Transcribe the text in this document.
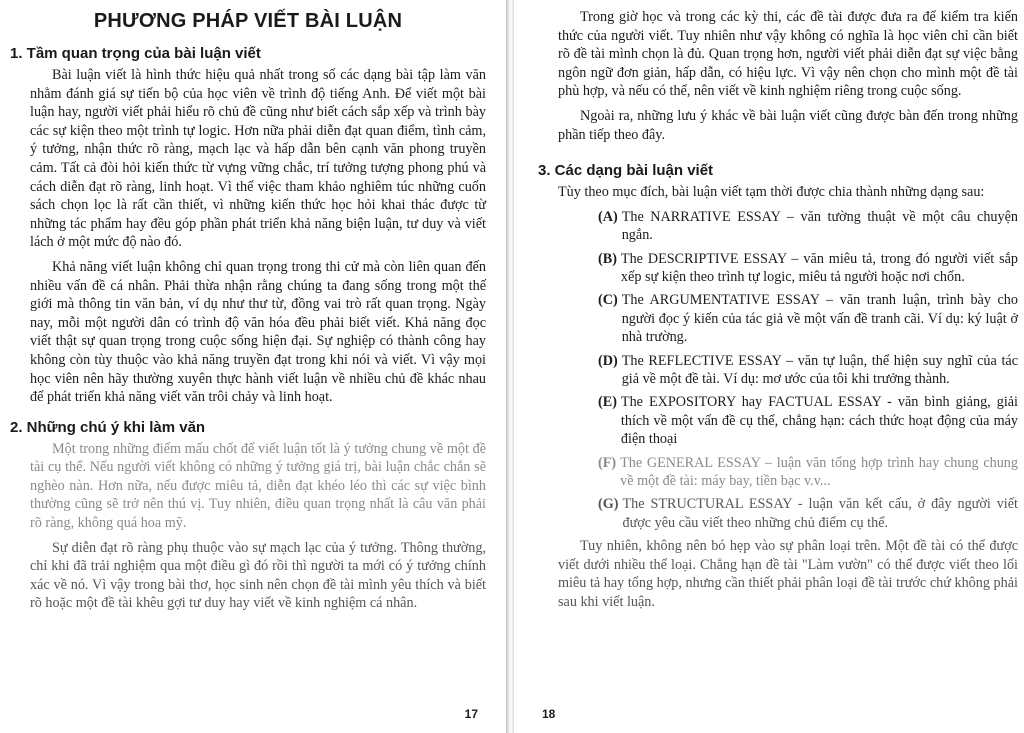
PHƯƠNG PHÁP VIẾT BÀI LUẬN
1. Tầm quan trọng của bài luận viết

Bài luận viết là hình thức hiệu quả nhất trong số các dạng bài tập làm văn nhằm đánh giá sự tiến bộ của học viên về trình độ tiếng Anh. Để viết một bài luận hay, người viết phải hiểu rõ chủ đề cũng như biết cách sắp xếp và trình bày các sự kiện theo một trình tự logic. Hơn nữa phải diễn đạt quan điểm, tình cảm, ý tưởng, nhận thức rõ ràng, mạch lạc và hấp dẫn bên cạnh văn phong truyền cảm. Tất cả đòi hỏi kiến thức từ vựng vững chắc, trí tưởng tượng phong phú và cách diễn đạt rõ ràng, linh hoạt. Vì thế việc tham khảo nghiêm túc những cuốn sách chọn lọc là rất cần thiết, vì những kiến thức học hỏi khai thác được từ những tác phẩm hay đều góp phần phát triển khả năng biện luận, tư duy và viết lách ở một mức độ nào đó.

Khả năng viết luận không chỉ quan trọng trong thi cử mà còn liên quan đến nhiều vấn đề cá nhân. Phải thừa nhận rằng chúng ta đang sống trong một thế giới mà thông tin văn bản, ví dụ như thư từ, đồng vai trò rất quan trọng. Ngày nay, mỗi một người dân có trình độ văn hóa đều phải biết viết. Khả năng đọc viết thật sự quan trọng trong cuộc sống hiện đại. Sự nghiệp có thành công hay không còn tùy thuộc vào khả năng truyền đạt trong khi nói và viết. Vì vậy mọi học viên nên hãy thường xuyên thực hành viết luận về nhiều chủ đề khác nhau để phát triển khả năng viết văn trôi chảy và linh hoạt.

2. Những chú ý khi làm văn

Một trong những điểm mấu chốt để viết luận tốt là ý tưởng chung về một đề tài cụ thể. Nếu người viết không có những ý tưởng giá trị, bài luận chắc chắn sẽ nghèo nàn. Hơn nữa, nếu được miêu tả, diễn đạt khéo léo thì các sự việc bình thường cũng sẽ trở nên thú vị. Tuy nhiên, điều quan trọng nhất là câu văn phải rõ ràng, không quá hoa mỹ.

Sự diễn đạt rõ ràng phụ thuộc vào sự mạch lạc của ý tưởng. Thông thường, chỉ khi đã trải nghiệm qua một điều gì đó rồi thì người ta mới có ý tưởng chính xác về nó. Vì vậy trong bài thơ, học sinh nên chọn đề tài mình yêu thích và biết rõ hoặc một đề tài khêu gợi tư duy hay viết về kinh nghiệm cá nhân.

17

Trong giờ học và trong các kỳ thi, các đề tài được đưa ra để kiểm tra kiến thức của người viết. Tuy nhiên như vậy không có nghĩa là học viên chỉ cần biết rõ đề tài mình chọn là đủ. Quan trọng hơn, người viết phải diễn đạt sự việc bằng ngôn ngữ đơn giản, hấp dẫn, có hiệu lực. Vì vậy nên chọn cho mình một đề tài phù hợp, và nếu có thể, nên viết về kinh nghiệm riêng trong cuộc sống.

Ngoài ra, những lưu ý khác về bài luận viết cũng được bàn đến trong những phần tiếp theo đây.

3. Các dạng bài luận viết

Tùy theo mục đích, bài luận viết tạm thời được chia thành những dạng sau:

(A) The NARRATIVE ESSAY – văn tường thuật về một câu chuyện ngắn.
(B) The DESCRIPTIVE ESSAY – văn miêu tả, trong đó người viết sắp xếp sự kiện theo trình tự logic, miêu tả người hoặc nơi chốn.
(C) The ARGUMENTATIVE ESSAY – văn tranh luận, trình bày cho người đọc ý kiến của tác giả về một vấn đề tranh cãi. Ví dụ: ký luật ở nhà trường.
(D) The REFLECTIVE ESSAY – văn tự luận, thể hiện suy nghĩ của tác giả về một đề tài. Ví dụ: mơ ước của tôi khi trưởng thành.
(E) The EXPOSITORY hay FACTUAL ESSAY - văn bình giảng, giải thích về một vấn đề cụ thể, chẳng hạn: cách thức hoạt động của máy điện thoại
(F) The GENERAL ESSAY – luận văn tổng hợp trình hay chung chung về một đề tài: máy bay, tiền bạc v.v...
(G) The STRUCTURAL ESSAY - luận văn kết cấu, ở đây người viết được yêu cầu viết theo những chủ điểm cụ thể.

Tuy nhiên, không nên bó hẹp vào sự phân loại trên. Một đề tài có thể được viết dưới nhiều thể loại. Chẳng hạn đề tài "Làm vườn" có thể được viết theo lối miêu tả hay tổng hợp, nhưng cần thiết phải phân loại đề tài trước chứ không phải sau khi viết luận.

18
